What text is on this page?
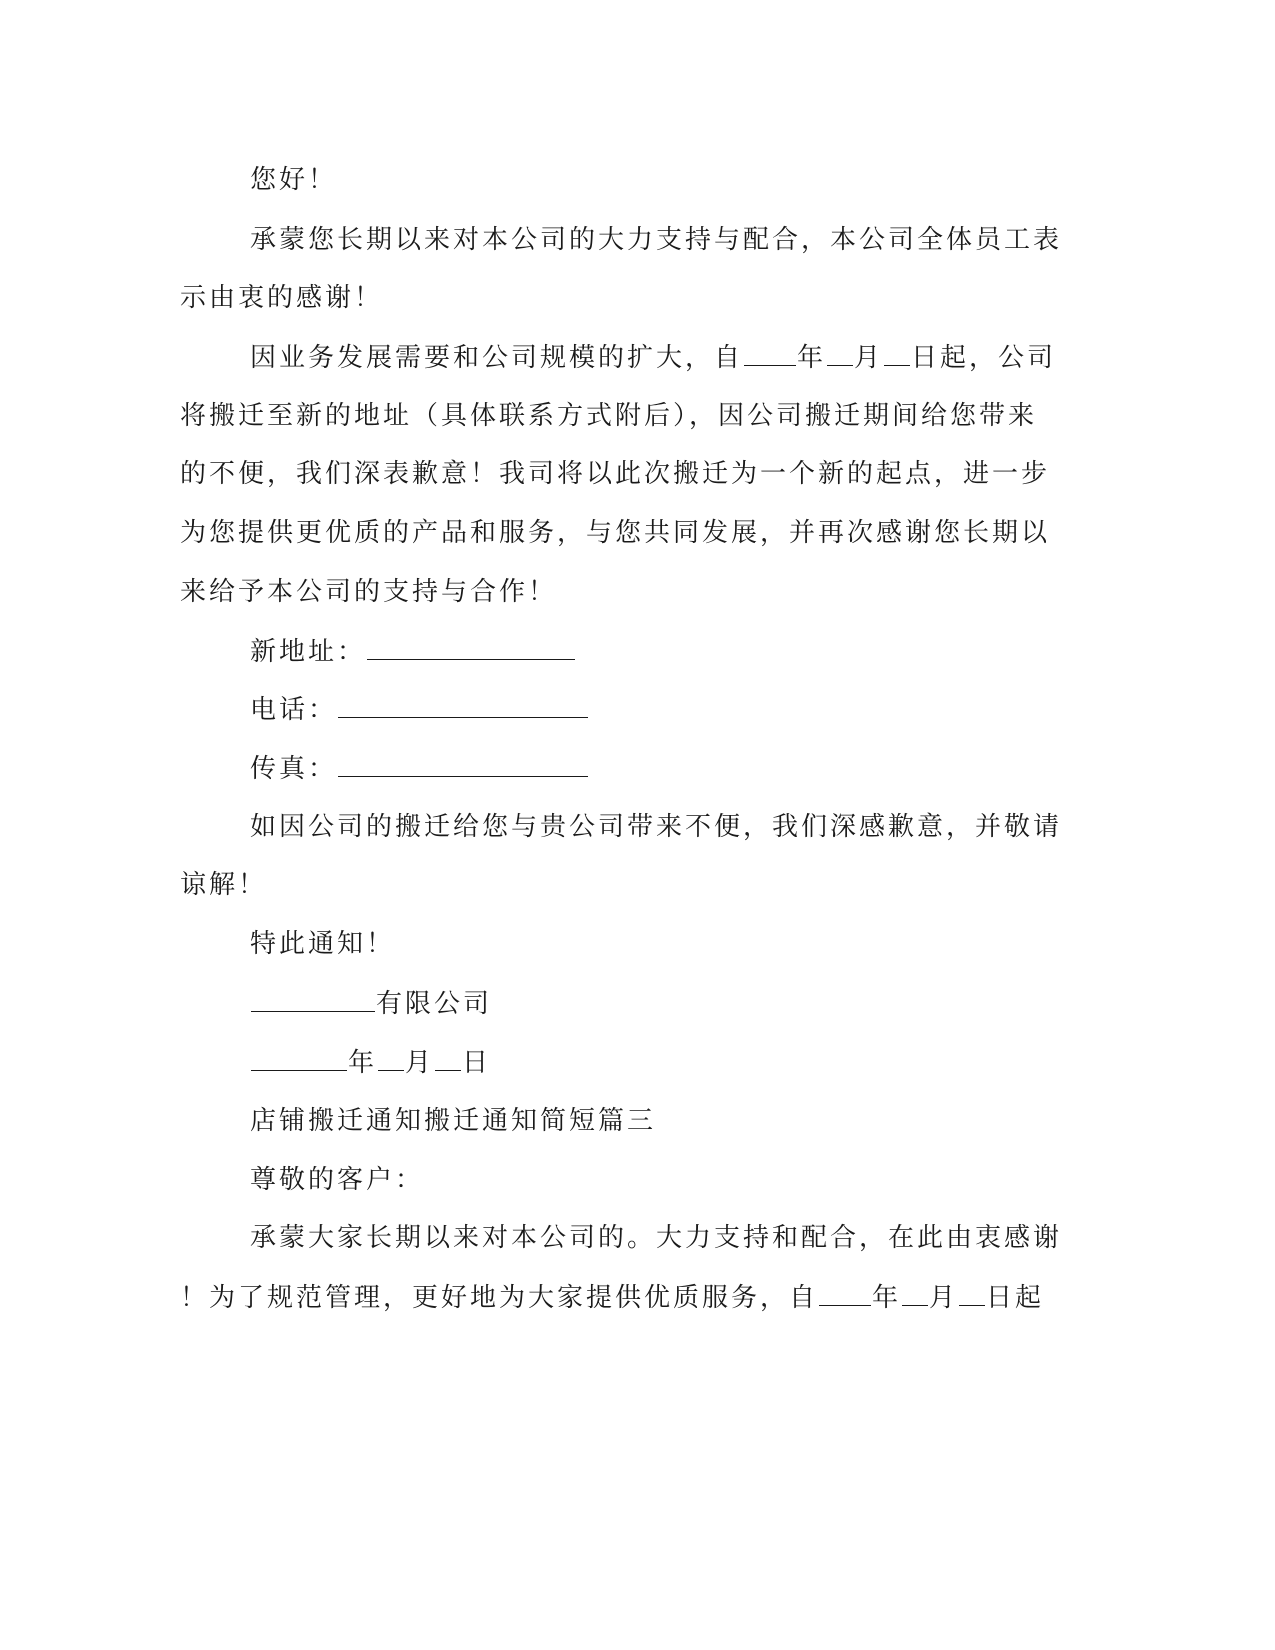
您好！
承蒙您长期以来对本公司的大力支持与配合，本公司全体员工表
示由衷的感谢！
因业务发展需要和公司规模的扩大，自 年 月 日起，公司
将搬迁至新的地址（具体联系方式附后），因公司搬迁期间给您带来
的不便，我们深表歉意！我司将以此次搬迁为一个新的起点，进一步
为您提供更优质的产品和服务，与您共同发展，并再次感谢您长期以
来给予本公司的支持与合作！
新地址：
电话：
传真：
如因公司的搬迁给您与贵公司带来不便，我们深感歉意，并敬请
谅解！
特此通知！
有限公司
年 月 日
店铺搬迁通知搬迁通知简短篇三
尊敬的客户：
承蒙大家长期以来对本公司的。大力支持和配合，在此由衷感谢
！为了规范管理，更好地为大家提供优质服务，自 年 月 日起
